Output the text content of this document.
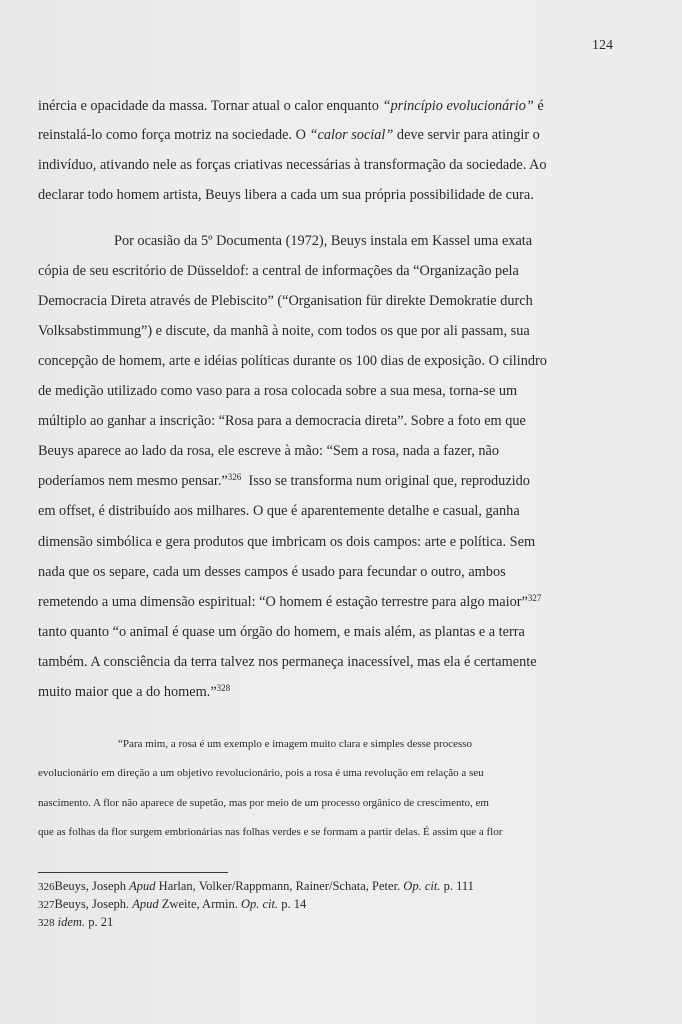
124
inércia e opacidade da massa. Tornar atual o calor enquanto “princípio evolucionário” é
reinstalá-lo como força motriz na sociedade. O “calor social” deve servir para atingir o
indivíduo, ativando nele as forças criativas necessárias à transformação da sociedade. Ao
declarar todo homem artista, Beuys libera a cada um sua própria possibilidade de cura.
Por ocasião da 5º Documenta (1972), Beuys instala em Kassel uma exata
cópia de seu escritório de Düsseldof: a central de informações da “Organização pela
Democracia Direta através de Plebiscito” (“Organisation für direkte Demokratie durch
Volksabstimmung”) e discute, da manhã à noite, com todos os que por ali passam, sua
concepção de homem, arte e idéias políticas durante os 100 dias de exposição. O cilindro
de medição utilizado como vaso para a rosa colocada sobre a sua mesa, torna-se um
múltiplo ao ganhar a inscrição: “Rosa para a democracia direta”. Sobre a foto em que
Beuys aparece ao lado da rosa, ele escreve à mão: “Sem a rosa, nada a fazer, não
poderíamos nem mesmo pensar.”$^{326}$  Isso se transforma num original que, reproduzido
em offset, é distribuído aos milhares. O que é aparentemente detalhe e casual, ganha
dimensão simbólica e gera produtos que imbricam os dois campos: arte e política. Sem
nada que os separe, cada um desses campos é usado para fecundar o outro, ambos
remetendo a uma dimensão espiritual: “O homem é estação terrestre para algo maior”$^{327}$
tanto quanto “o animal é quase um órgão do homem, e mais além, as plantas e a terra
também. A consciência da terra talvez nos permaneça inacessível, mas ela é certamente
muito maior que a do homem.”$^{328}$
“Para mim, a rosa é um exemplo e imagem muito clara e simples desse processo
evolucionário em direção a um objetivo revolucionário, pois a rosa é uma revolução em relação a seu
nascimento. A flor não aparece de supetão, mas por meio de um processo orgânico de crescimento, em
que as folhas da flor surgem embrionárias nas folhas verdes e se formam a partir delas. É assim que a flor
326Beuys, Joseph Apud Harlan, Volker/Rappmann, Rainer/Schata, Peter. Op. cit. p. 111
327Beuys, Joseph. Apud Zweite, Armin. Op. cit. p. 14
328 idem. p. 21
